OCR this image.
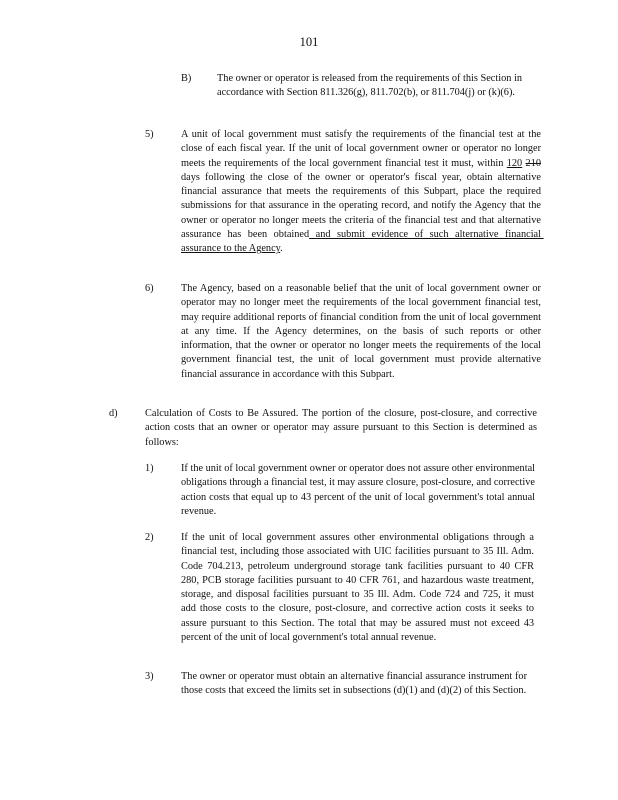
101
B) The owner or operator is released from the requirements of this Section in accordance with Section 811.326(g), 811.702(b), or 811.704(j) or (k)(6).
5)	A unit of local government must satisfy the requirements of the financial test at the close of each fiscal year. If the unit of local government owner or operator no longer meets the requirements of the local government financial test it must, within 120 210 days following the close of the owner or operator's fiscal year, obtain alternative financial assurance that meets the requirements of this Subpart, place the required submissions for that assurance in the operating record, and notify the Agency that the owner or operator no longer meets the criteria of the financial test and that alternative assurance has been obtained and submit evidence of such alternative financial assurance to the Agency.
6)	The Agency, based on a reasonable belief that the unit of local government owner or operator may no longer meet the requirements of the local government financial test, may require additional reports of financial condition from the unit of local government at any time. If the Agency determines, on the basis of such reports or other information, that the owner or operator no longer meets the requirements of the local government financial test, the unit of local government must provide alternative financial assurance in accordance with this Subpart.
d)	Calculation of Costs to Be Assured. The portion of the closure, post-closure, and corrective action costs that an owner or operator may assure pursuant to this Section is determined as follows:
1)	If the unit of local government owner or operator does not assure other environmental obligations through a financial test, it may assure closure, post-closure, and corrective action costs that equal up to 43 percent of the unit of local government's total annual revenue.
2)	If the unit of local government assures other environmental obligations through a financial test, including those associated with UIC facilities pursuant to 35 Ill. Adm. Code 704.213, petroleum underground storage tank facilities pursuant to 40 CFR 280, PCB storage facilities pursuant to 40 CFR 761, and hazardous waste treatment, storage, and disposal facilities pursuant to 35 Ill. Adm. Code 724 and 725, it must add those costs to the closure, post-closure, and corrective action costs it seeks to assure pursuant to this Section. The total that may be assured must not exceed 43 percent of the unit of local government's total annual revenue.
3)	The owner or operator must obtain an alternative financial assurance instrument for those costs that exceed the limits set in subsections (d)(1) and (d)(2) of this Section.
